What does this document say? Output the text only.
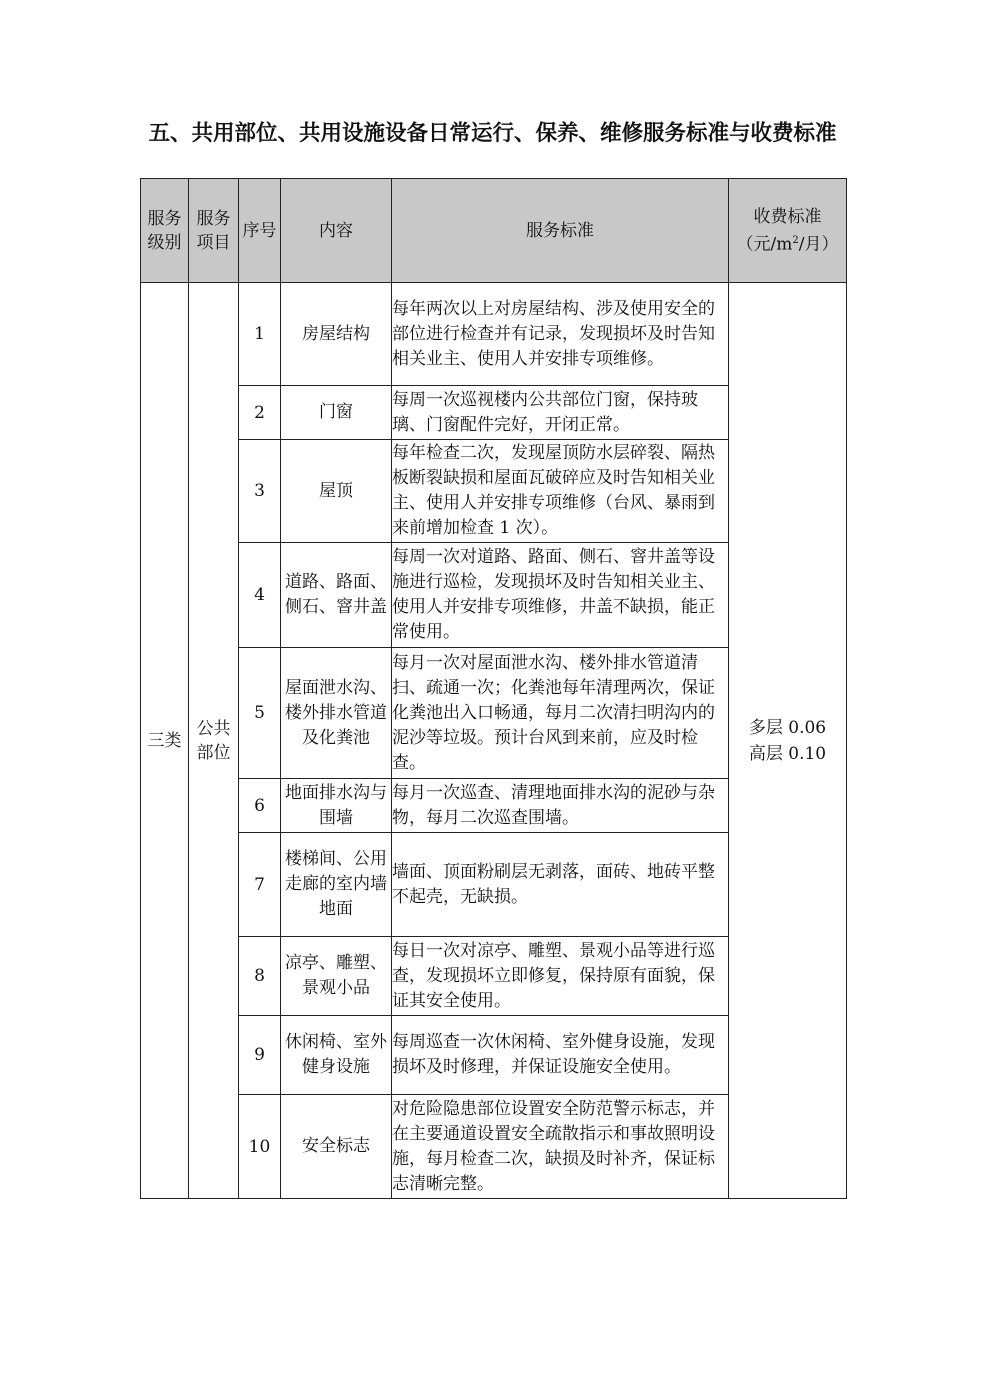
五、共用部位、共用设施设备日常运行、保养、维修服务标准与收费标准
服务级别	服务项目	序号	内容	服务标准	收费标准（元$/m^2/$月）
三类	公共部位	1	房屋结构	每年两次以上对房屋结构、涉及使用安全的部位进行检查并有记录，发现损坏及时告知相关业主、使用人并安排专项维修。	多层 0.06
高层 0.10

		2	门窗	每周一次巡视楼内公共部位门窗，保持玻璃、门窗配件完好，开闭正常。	
		3	屋顶	每年检查二次，发现屋顶防水层碎裂、隔热板断裂缺损和屋面瓦破碎应及时告知相关业主、使用人并安排专项维修（台风、暴雨到来前增加检查 1 次）。	
		4	道路、路面、侧石、窨井盖	每周一次对道路、路面、侧石、窨井盖等设施进行巡检，发现损坏及时告知相关业主、使用人并安排专项维修，井盖不缺损，能正常使用。	
		5	屋面泄水沟、楼外排水管道及化粪池	每月一次对屋面泄水沟、楼外排水管道清扫、疏通一次；化粪池每年清理两次，保证化粪池出入口畅通，每月二次清扫明沟内的泥沙等垃圾。预计台风到来前，应及时检查。	
		6	地面排水沟与围墙	每月一次巡查、清理地面排水沟的泥砂与杂物，每月二次巡查围墙。	
		7	楼梯间、公用走廊的室内墙地面	墙面、顶面粉刷层无剥落，面砖、地砖平整不起壳，无缺损。	
		8	凉亭、雕塑、景观小品	每日一次对凉亭、雕塑、景观小品等进行巡查，发现损坏立即修复，保持原有面貌，保证其安全使用。	
		9	休闲椅、室外健身设施	每周巡查一次休闲椅、室外健身设施，发现损坏及时修理，并保证设施安全使用。	
		10	安全标志	对危险隐患部位设置安全防范警示标志，并在主要通道设置安全疏散指示和事故照明设施，每月检查二次，缺损及时补齐，保证标志清晰完整。	
